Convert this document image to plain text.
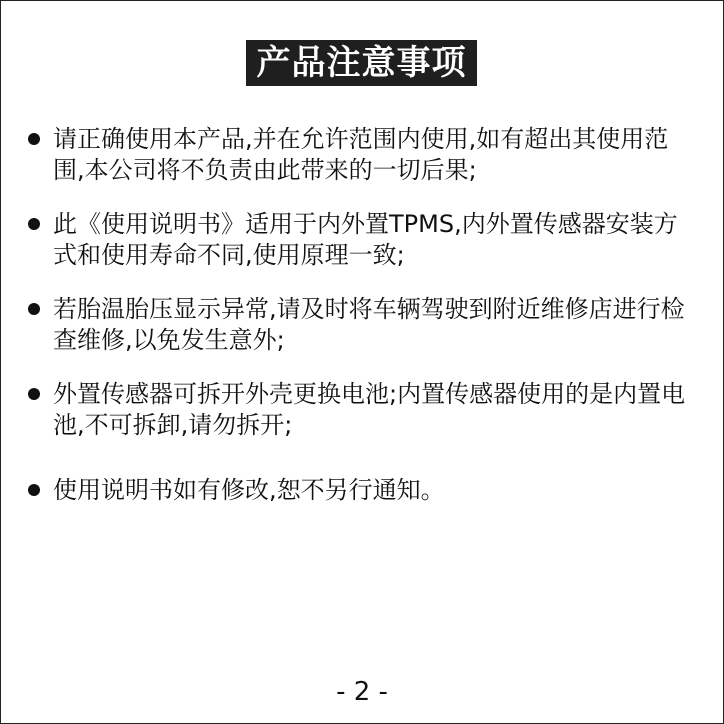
产品注意事项
请正确使用本产品,并在允许范围内使用,如有超出其使用范围,本公司将不负责由此带来的一切后果;
此《使用说明书》适用于内外置TPMS,内外置传感器安装方式和使用寿命不同,使用原理一致;
若胎温胎压显示异常,请及时将车辆驾驶到附近维修店进行检查维修,以免发生意外;
外置传感器可拆开外壳更换电池;内置传感器使用的是内置电池,不可拆卸,请勿拆开;
使用说明书如有修改,恕不另行通知。
- 2 -
